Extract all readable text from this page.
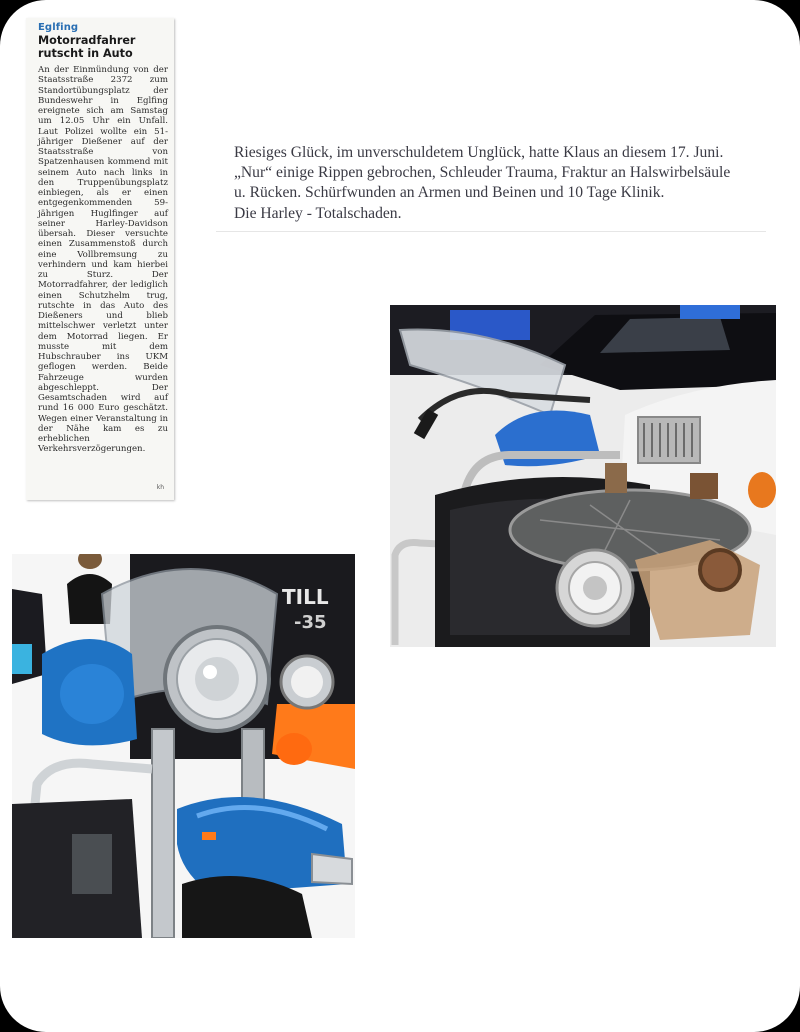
Eglfing
Motorradfahrer
rutscht in Auto

An der Einmündung von der Staatsstraße 2372 zum Standortübungsplatz der Bundeswehr in Eglfing ereignete sich am Samstag um 12.05 Uhr ein Unfall. Laut Polizei wollte ein 51-jähriger Dießener auf der Staatsstraße von Spatzenhausen kommend mit seinem Auto nach links in den Truppenübungsplatz einbiegen, als er einen entgegenkommenden 59-jährigen Huglfinger auf seiner Harley-Davidson übersah. Dieser versuchte einen Zusammenstoß durch eine Vollbremsung zu verhindern und kam hierbei zu Sturz. Der Motorradfahrer, der lediglich einen Schutzhelm trug, rutschte in das Auto des Dießeners und blieb mittelschwer verletzt unter dem Motorrad liegen. Er musste mit dem Hubschrauber ins UKM geflogen werden. Beide Fahrzeuge wurden abgeschleppt. Der Gesamtschaden wird auf rund 16 000 Euro geschätzt. Wegen einer Veranstaltung in der Nähe kam es zu erheblichen Verkehrsverzögerungen.

kh
Riesiges Glück, im unverschuldetem Unglück, hatte Klaus an diesem 17. Juni.
„Nur“ einige Rippen gebrochen, Schleuder Trauma, Fraktur an Halswirbelsäule
u. Rücken. Schürfwunden an Armen und Beinen und 10 Tage Klinik.
Die Harley - Totalschaden.
TILL
-35
